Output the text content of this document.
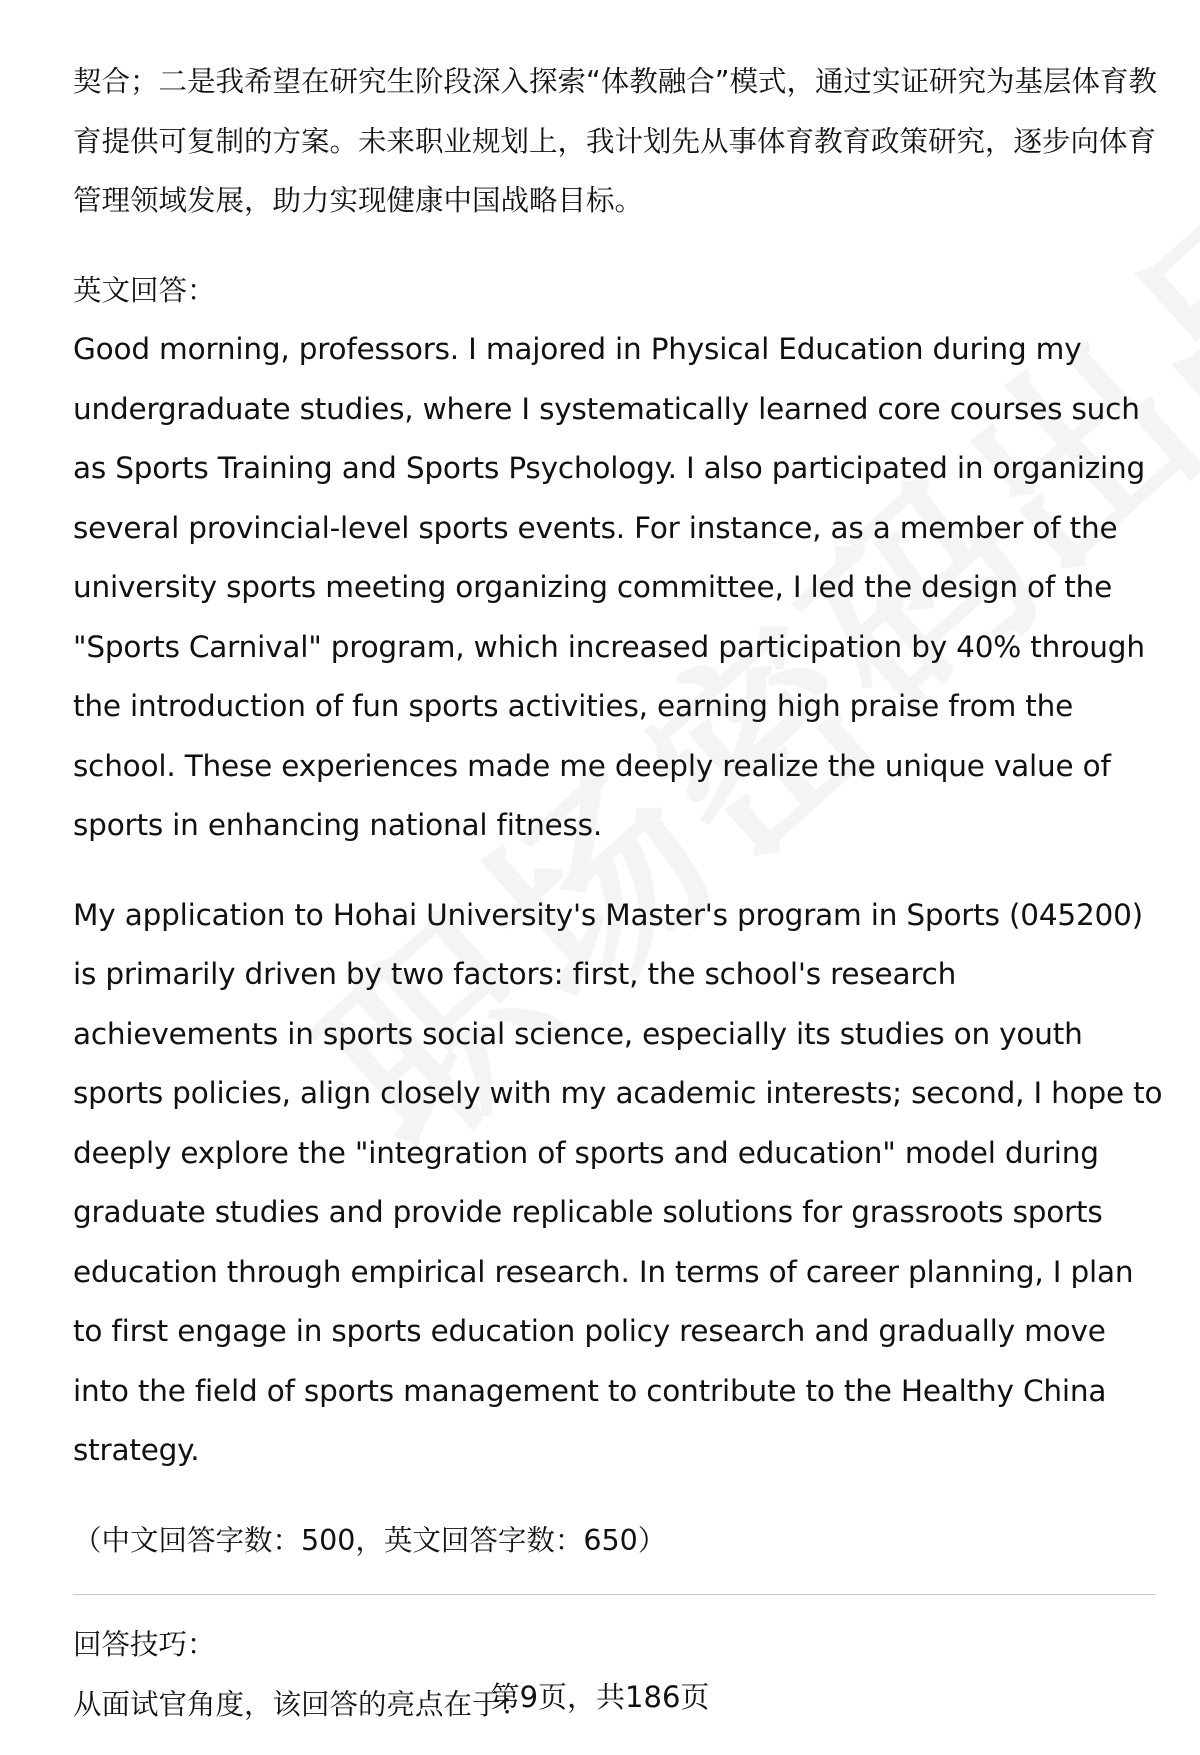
契合；二是我希望在研究生阶段深入探索“体教融合”模式，通过实证研究为基层体育教育提供可复制的方案。未来职业规划上，我计划先从事体育教育政策研究，逐步向体育管理领域发展，助力实现健康中国战略目标。

英文回答：

Good morning, professors. I majored in Physical Education during my undergraduate studies, where I systematically learned core courses such as Sports Training and Sports Psychology. I also participated in organizing several provincial-level sports events. For instance, as a member of the university sports meeting organizing committee, I led the design of the "Sports Carnival" program, which increased participation by 40% through the introduction of fun sports activities, earning high praise from the school. These experiences made me deeply realize the unique value of sports in enhancing national fitness.

My application to Hohai University's Master's program in Sports (045200) is primarily driven by two factors: first, the school's research achievements in sports social science, especially its studies on youth sports policies, align closely with my academic interests; second, I hope to deeply explore the "integration of sports and education" model during graduate studies and provide replicable solutions for grassroots sports education through empirical research. In terms of career planning, I plan to first engage in sports education policy research and gradually move into the field of sports management to contribute to the Healthy China strategy.

（中文回答字数：500，英文回答字数：650）

回答技巧：

从面试官角度，该回答的亮点在于：

第9页，共186页
